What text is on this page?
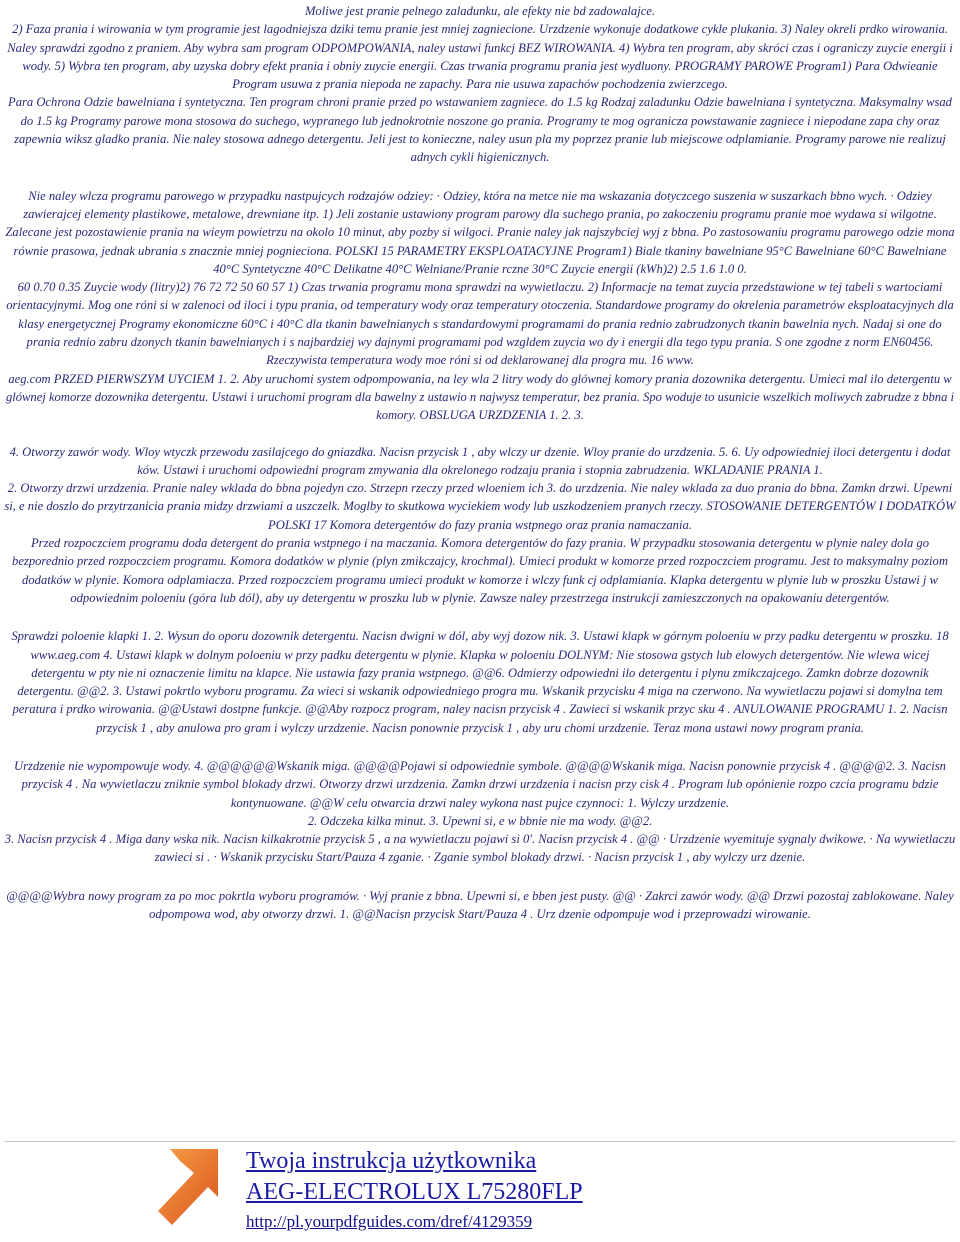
Moliwe jest pranie pelnego zaladunku, ale efekty nie bd zadowalajce.

2) Faza prania i wirowania w tym programie jest lagodniejsza dziki temu pranie jest mniej zagniecione. Urzdzenie wykonuje dodatkowe cykle plukania. 3) Naley okreli prdko wirowania. Naley sprawdzi zgodno z praniem. Aby wybra sam program ODPOMPOWANIA, naley ustawi funkcj BEZ WIROWANIA. 4) Wybra ten program, aby skróci czas i ograniczy zuycie energii i wody. 5) Wybra ten program, aby uzyska dobry efekt prania i obniy zuycie energii. Czas trwania programu prania jest wydluony. PROGRAMY PAROWE Program1) Para Odwieanie Program usuwa z prania niepoda ne zapachy. Para nie usuwa zapachów pochodzenia zwierzcego.

Para Ochrona Odzie bawelniana i syntetyczna. Ten program chroni pranie przed po wstawaniem zagniece. do 1.5 kg Rodzaj zaladunku Odzie bawelniana i syntetyczna. Maksymalny wsad do 1.5 kg Programy parowe mona stosowa do suchego, wypranego lub jednokrotnie noszone go prania. Programy te mog ogranicza powstawanie zagniece i niepodane zapa chy oraz zapewnia wiksz gladko prania. Nie naley stosowa adnego detergentu. Jeli jest to konieczne, naley usun pla my poprzez pranie lub miejscowe odplamianie. Programy parowe nie realizuj adnych cykli higienicznych.

Nie naley wlcza programu parowego w przypadku nastpujcych rodzajów odziey: · Odziey, która na metce nie ma wskazania dotyczcego suszenia w suszarkach bbno wych. · Odziey zawierajcej elementy plastikowe, metalowe, drewniane itp. 1) Jeli zostanie ustawiony program parowy dla suchego prania, po zakoczeniu programu pranie moe wydawa si wilgotne. Zalecane jest pozostawienie prania na wieym powietrzu na okolo 10 minut, aby pozby si wilgoci. Pranie naley jak najszybciej wyj z bbna. Po zastosowaniu programu parowego odzie mona równie prasowa, jednak ubrania s znacznie mniej pognieciona. POLSKI 15 PARAMETRY EKSPLOATACYJNE Program1) Biale tkaniny bawelniane 95°C Bawelniane 60°C Bawelniane 40°C Syntetyczne 40°C Delikatne 40°C Welniane/Pranie rczne 30°C Zuycie energii (kWh)2) 2.5 1.6 1.0 0.

60 0.70 0.35 Zuycie wody (litry)2) 76 72 72 50 60 57 1) Czas trwania programu mona sprawdzi na wywietlaczu. 2) Informacje na temat zuycia przedstawione w tej tabeli s wartociami orientacyjnymi. Mog one róni si w zalenoci od iloci i typu prania, od temperatury wody oraz temperatury otoczenia. Standardowe programy do okrelenia parametrów eksploatacyjnych dla klasy energetycznej Programy ekonomiczne 60°C i 40°C dla tkanin bawelnianych s standardowymi programami do prania rednio zabrudzonych tkanin bawelnia nych. Nadaj si one do prania rednio zabru dzonych tkanin bawelnianych i s najbardziej wy dajnymi programami pod wzgldem zuycia wo dy i energii dla tego typu prania. S one zgodne z norm EN60456. Rzeczywista temperatura wody moe róni si od deklarowanej dla progra mu. 16 www.

aeg.com PRZED PIERWSZYM UYCIEM 1. 2. Aby uruchomi system odpompowania, na ley wla 2 litry wody do glównej komory prania dozownika detergentu. Umieci mal ilo detergentu w glównej komorze dozownika detergentu. Ustawi i uruchomi program dla bawelny z ustawio n najwysz temperatur, bez prania. Spo woduje to usunicie wszelkich moliwych zabrudze z bbna i komory. OBSLUGA URZDZENIA 1. 2. 3.

4. Otworzy zawór wody. Wloy wtyczk przewodu zasilajcego do gniazdka. Nacisn przycisk 1 , aby wlczy ur dzenie. Wloy pranie do urzdzenia. 5. 6. Uy odpowiedniej iloci detergentu i dodat ków. Ustawi i uruchomi odpowiedni program zmywania dla okrelonego rodzaju prania i stopnia zabrudzenia. WKLADANIE PRANIA 1.

2. Otworzy drzwi urzdzenia. Pranie naley wklada do bbna pojedyn czo. Strzepn rzeczy przed wloeniem ich 3. do urzdzenia. Nie naley wklada za duo prania do bbna. Zamkn drzwi. Upewni si, e nie doszlo do przytrzanicia prania midzy drzwiami a uszczelk. Moglby to skutkowa wyciekiem wody lub uszkodzeniem pranych rzeczy. STOSOWANIE DETERGENTÓW I DODATKÓW POLSKI 17 Komora detergentów do fazy prania wstpnego oraz prania namaczania.

Przed rozpoczciem programu doda detergent do prania wstpnego i na maczania. Komora detergentów do fazy prania. W przypadku stosowania detergentu w plynie naley dola go bezporednio przed rozpoczciem programu. Komora dodatków w plynie (plyn zmikczajcy, krochmal). Umieci produkt w komorze przed rozpoczciem programu. Jest to maksymalny poziom dodatków w plynie. Komora odplamiacza. Przed rozpoczciem programu umieci produkt w komorze i wlczy funk cj odplamiania. Klapka detergentu w plynie lub w proszku Ustawi j w odpowiednim poloeniu (góra lub dól), aby uy detergentu w proszku lub w plynie. Zawsze naley przestrzega instrukcji zamieszczonych na opakowaniu detergentów.

Sprawdzi poloenie klapki 1. 2. Wysun do oporu dozownik detergentu. Nacisn dwigni w dól, aby wyj dozow nik. 3. Ustawi klapk w górnym poloeniu w przy padku detergentu w proszku. 18 www.aeg.com 4. Ustawi klapk w dolnym poloeniu w przy padku detergentu w plynie. Klapka w poloeniu DOLNYM: Nie stosowa gstych lub elowych detergentów. Nie wlewa wicej detergentu w pty nie ni oznaczenie limitu na klapce. Nie ustawia fazy prania wstpnego. @@6. Odmierzy odpowiedni ilo detergentu i plynu zmikczajcego. Zamkn dobrze dozownik detergentu. @@2. 3. Ustawi pokrtlo wyboru programu. Za wieci si wskanik odpowiedniego progra mu. Wskanik przycisku 4 miga na czerwono. Na wywietlaczu pojawi si domylna tem peratura i prdko wirowania. @@Ustawi dostpne funkcje. @@Aby rozpocz program, naley nacisn przycisk 4 . Zawieci si wskanik przyc sku 4 . ANULOWANIE PROGRAMU 1. 2. Nacisn przycisk 1 , aby anulowa pro gram i wylczy urzdzenie. Nacisn ponownie przycisk 1 , aby uru chomi urzdzenie. Teraz mona ustawi nowy program prania.

Urzdzenie nie wypompowuje wody. 4. @@@@@@Wskanik miga. @@@@Pojawi si odpowiednie symbole. @@@@Wskanik miga. Nacisn ponownie przycisk 4 . @@@@2. 3. Nacisn przycisk 4 . Na wywietlaczu zniknie symbol blokady drzwi. Otworzy drzwi urzdzenia. Zamkn drzwi urzdzenia i nacisn przy cisk 4 . Program lub opónienie rozpo czcia programu bdzie kontynuowane. @@W celu otwarcia drzwi naley wykona nast pujce czynnoci: 1. Wylczy urzdzenie.

2. Odczeka kilka minut. 3. Upewni si, e w bbnie nie ma wody. @@2.

3. Nacisn przycisk 4 . Miga dany wska nik. Nacisn kilkakrotnie przycisk 5 , a na wywietlaczu pojawi si 0'. Nacisn przycisk 4 . @@ · Urzdzenie wyemituje sygnaly dwikowe. · Na wywietlaczu zawieci si . · Wskanik przycisku Start/Pauza 4 zganie. · Zganie symbol blokady drzwi. · Nacisn przycisk 1 , aby wylczy urz dzenie.

@@@@Wybra nowy program za po moc pokrtla wyboru programów. · Wyj pranie z bbna. Upewni si, e bben jest pusty. @@ · Zakrci zawór wody. @@ Drzwi pozostaj zablokowane. Naley odpompowa wod, aby otworzy drzwi. 1. @@Nacisn przycisk Start/Pauza 4 . Urz dzenie odpompuje wod i przeprowadzi wirowanie.

Twoja instrukcja użytkownika
AEG-ELECTROLUX L75280FLP
http://pl.yourpdfguides.com/dref/4129359
